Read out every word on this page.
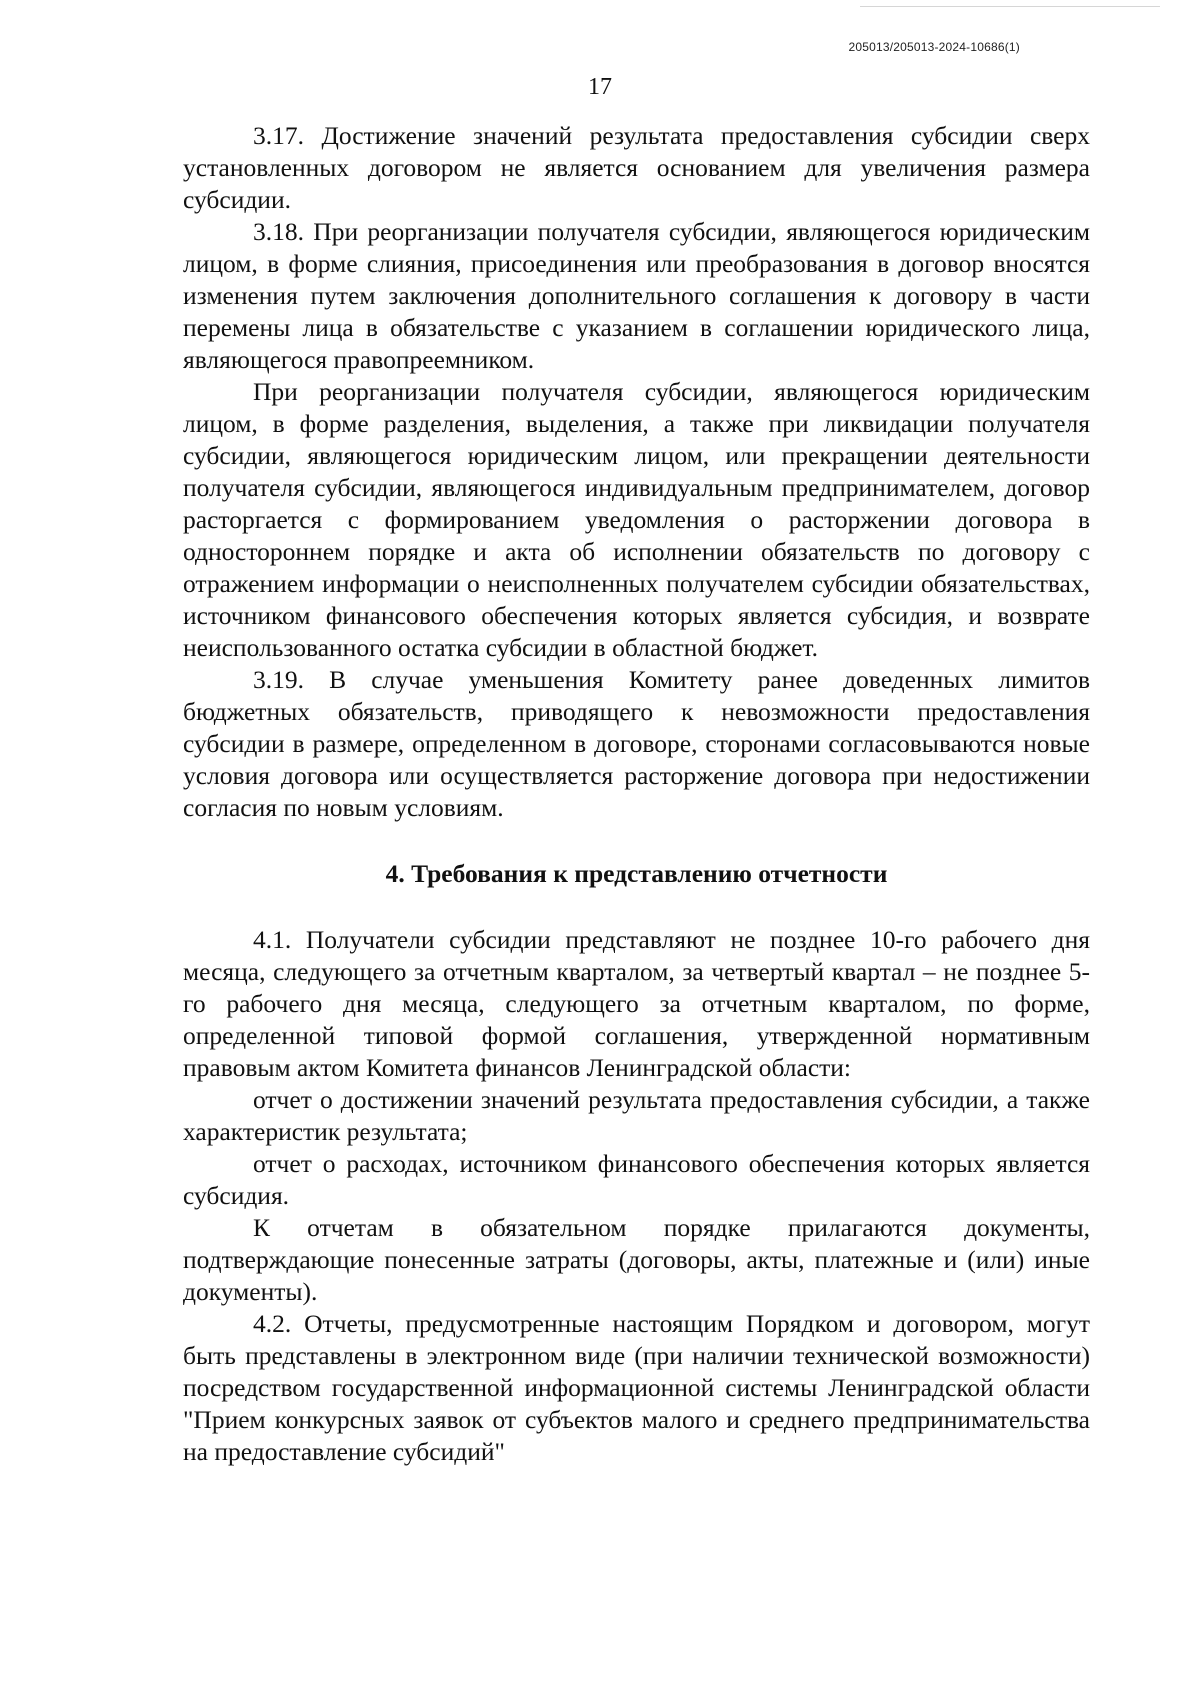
205013/205013-2024-10686(1)
17

3.17. Достижение значений результата предоставления субсидии сверх установленных договором не является основанием для увеличения размера субсидии.

3.18. При реорганизации получателя субсидии, являющегося юридическим лицом, в форме слияния, присоединения или преобразования в договор вносятся изменения путем заключения дополнительного соглашения к договору в части перемены лица в обязательстве с указанием в соглашении юридического лица, являющегося правопреемником.

При реорганизации получателя субсидии, являющегося юридическим лицом, в форме разделения, выделения, а также при ликвидации получателя субсидии, являющегося юридическим лицом, или прекращении деятельности получателя субсидии, являющегося индивидуальным предпринимателем, договор расторгается с формированием уведомления о расторжении договора в одностороннем порядке и акта об исполнении обязательств по договору с отражением информации о неисполненных получателем субсидии обязательствах, источником финансового обеспечения которых является субсидия, и возврате неиспользованного остатка субсидии в областной бюджет.

3.19. В случае уменьшения Комитету ранее доведенных лимитов бюджетных обязательств, приводящего к невозможности предоставления субсидии в размере, определенном в договоре, сторонами согласовываются новые условия договора или осуществляется расторжение договора при недостижении согласия по новым условиям.

4. Требования к представлению отчетности

4.1. Получатели субсидии представляют не позднее 10-го рабочего дня месяца, следующего за отчетным кварталом, за четвертый квартал – не позднее 5-го рабочего дня месяца, следующего за отчетным кварталом, по форме, определенной типовой формой соглашения, утвержденной нормативным правовым актом Комитета финансов Ленинградской области:

отчет о достижении значений результата предоставления субсидии, а также характеристик результата;

отчет о расходах, источником финансового обеспечения которых является субсидия.

К отчетам в обязательном порядке прилагаются документы, подтверждающие понесенные затраты (договоры, акты, платежные и (или) иные документы).

4.2. Отчеты, предусмотренные настоящим Порядком и договором, могут быть представлены в электронном виде (при наличии технической возможности) посредством государственной информационной системы Ленинградской области "Прием конкурсных заявок от субъектов малого и среднего предпринимательства на предоставление субсидий"
